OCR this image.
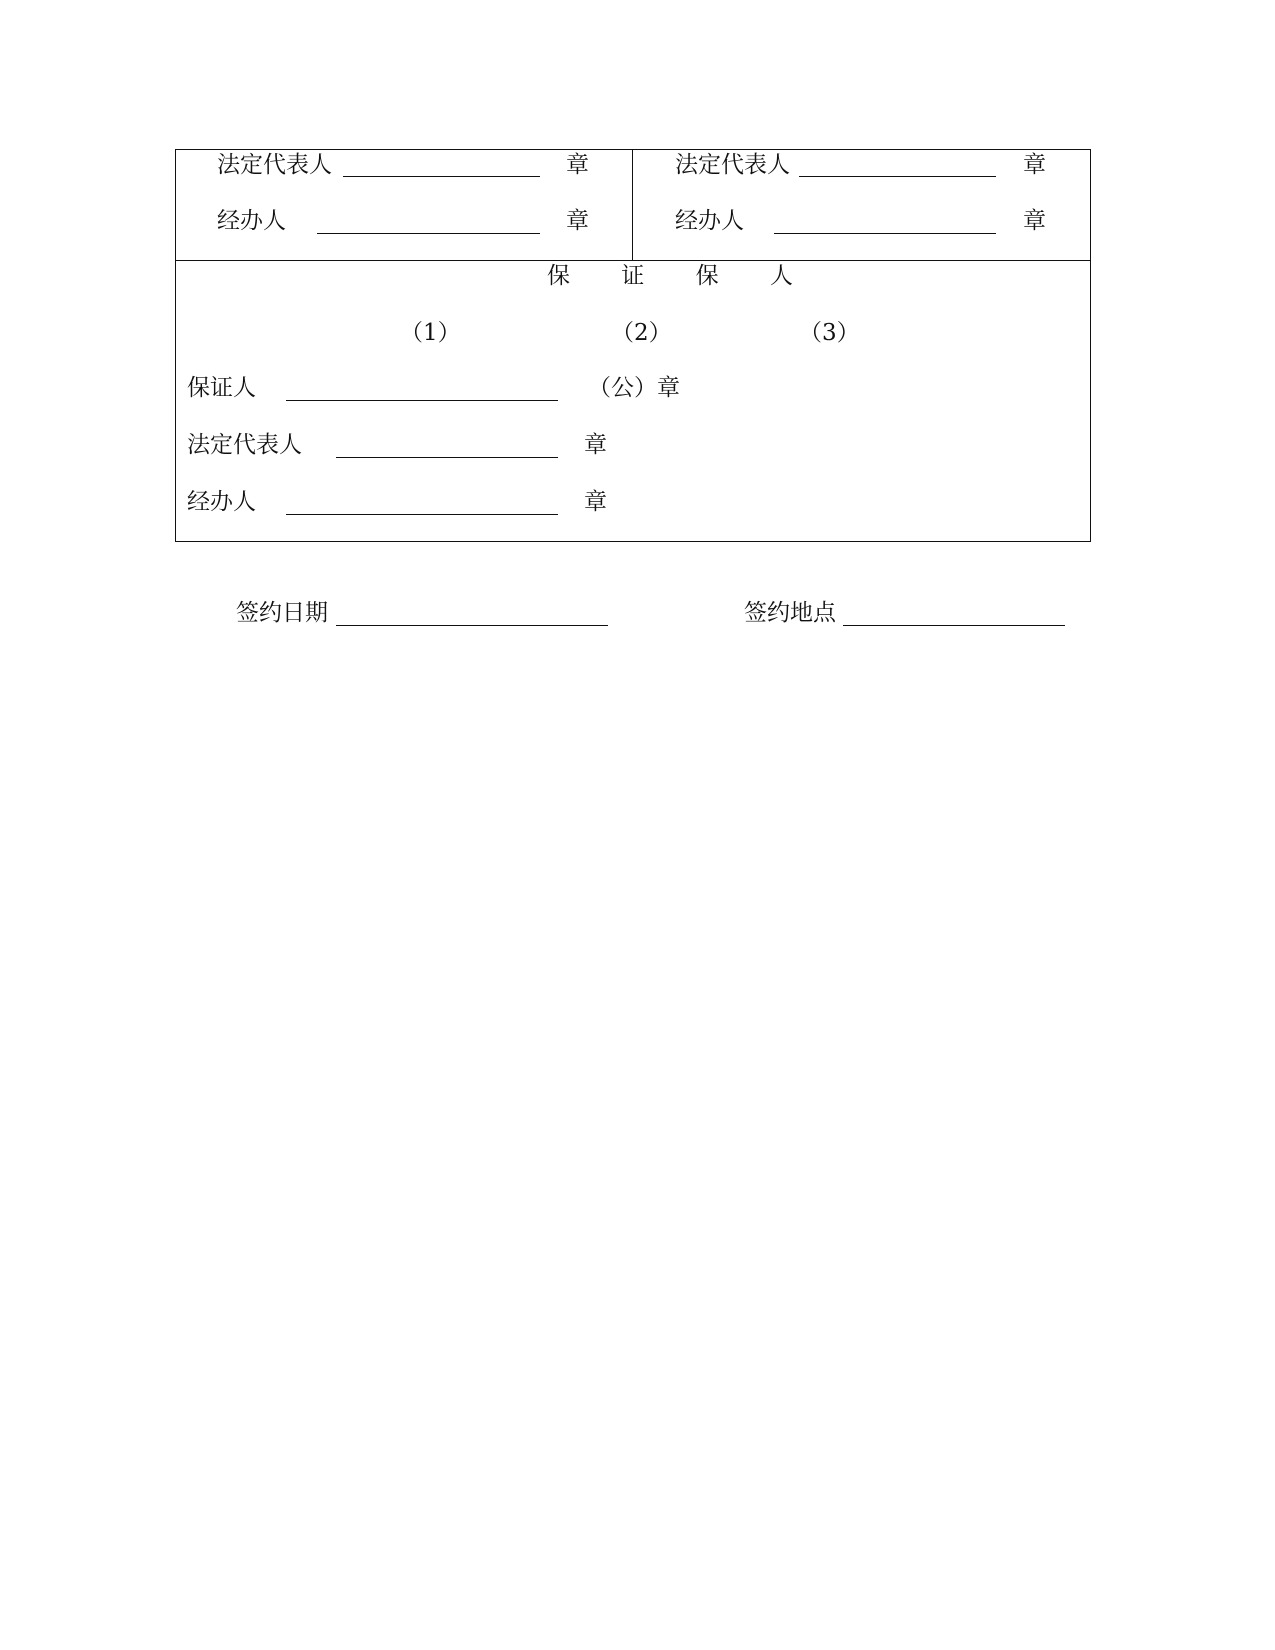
法定代表人	章
经办人	章
法定代表人	章
经办人	章
保 证 保 人
（1）	（2）	（3）
保证人	（公）章
法定代表人	章
经办人	章
签约日期	签约地点
